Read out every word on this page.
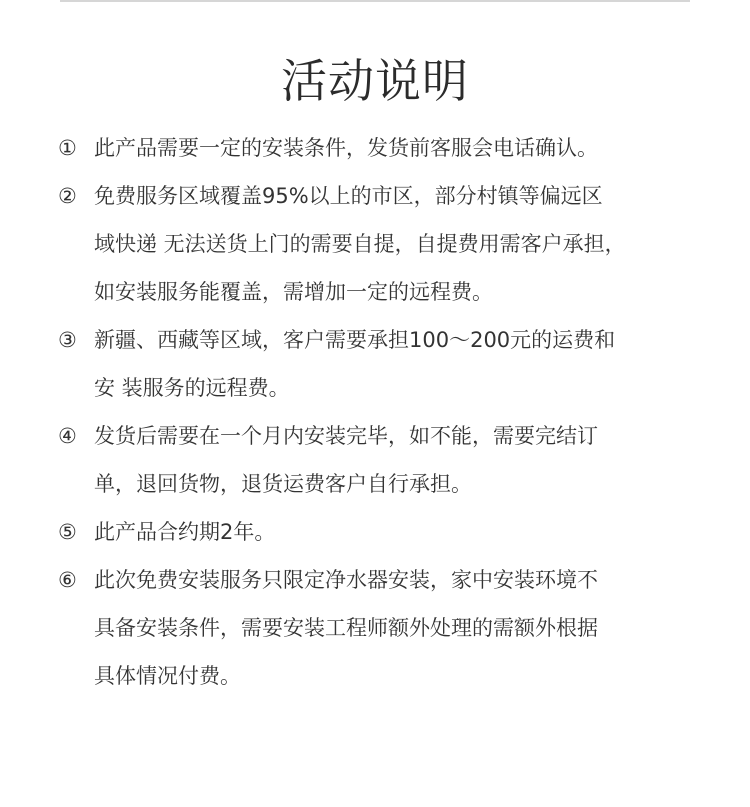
活动说明
① 此产品需要一定的安装条件，发货前客服会电话确认。
② 免费服务区域覆盖95%以上的市区，部分村镇等偏远区
域快递 无法送货上门的需要自提，自提费用需客户承担，
如安装服务能覆盖，需增加一定的远程费。
③ 新疆、西藏等区域，客户需要承担100～200元的运费和
安 装服务的远程费。
④ 发货后需要在一个月内安装完毕，如不能，需要完结订
单，退回货物，退货运费客户自行承担。
⑤ 此产品合约期2年。
⑥ 此次免费安装服务只限定净水器安装，家中安装环境不
具备安装条件，需要安装工程师额外处理的需额外根据
具体情况付费。
